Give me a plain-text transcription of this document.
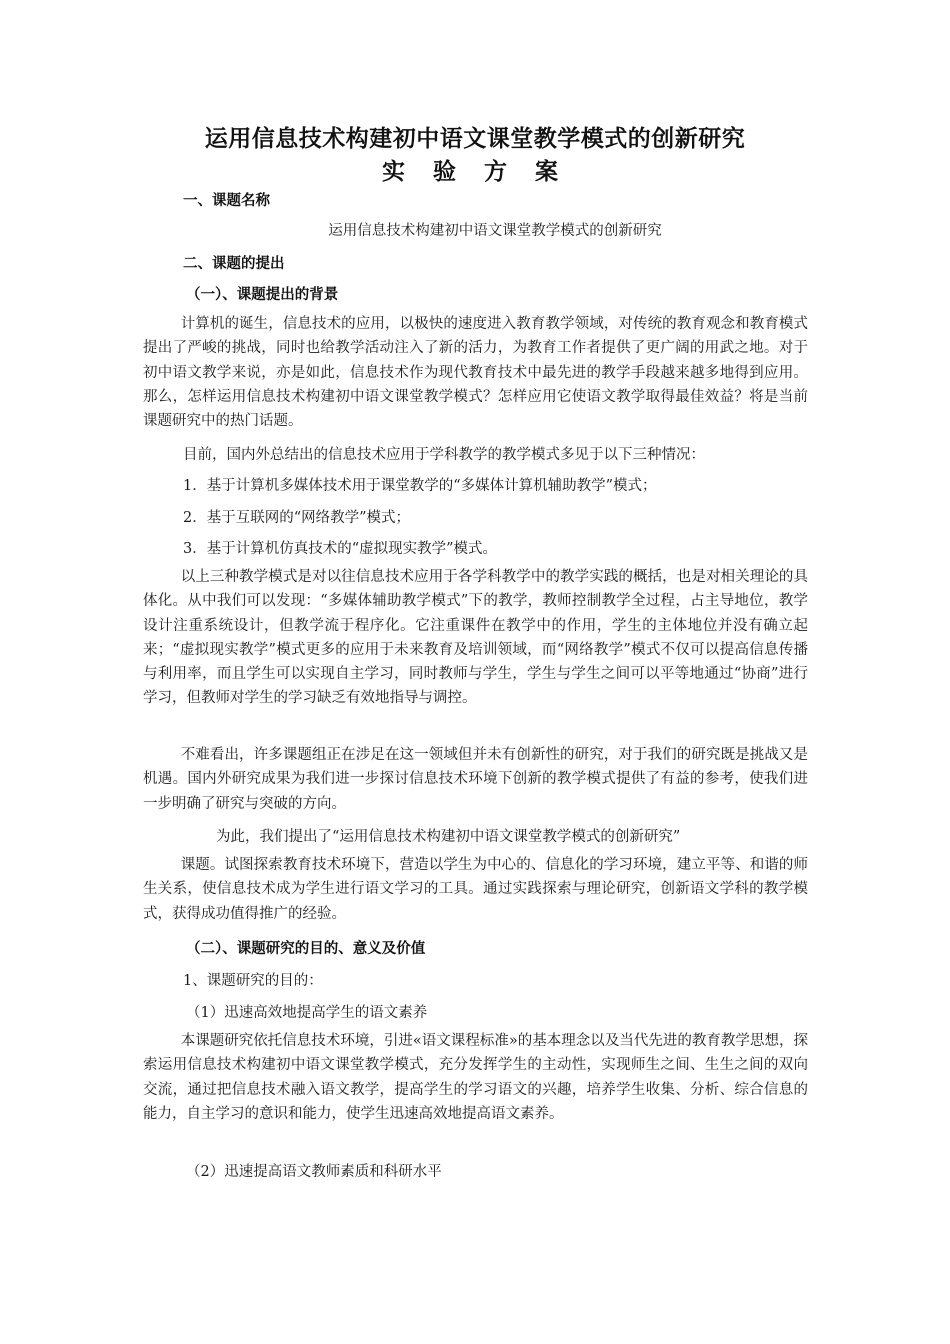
运用信息技术构建初中语文课堂教学模式的创新研究
实 验 方 案
一、课题名称
运用信息技术构建初中语文课堂教学模式的创新研究
二、课题的提出
（一）、课题提出的背景

计算机的诞生，信息技术的应用，以极快的速度进入教育教学领域，对传统的教育观念和教育模式提出了严峻的挑战，同时也给教学活动注入了新的活力，为教育工作者提供了更广阔的用武之地。对于初中语文教学来说，亦是如此，信息技术作为现代教育技术中最先进的教学手段越来越多地得到应用。那么，怎样运用信息技术构建初中语文课堂教学模式？怎样应用它使语文教学取得最佳效益？将是当前课题研究中的热门话题。

目前，国内外总结出的信息技术应用于学科教学的教学模式多见于以下三种情况：
1．基于计算机多媒体技术用于课堂教学的“多媒体计算机辅助教学”模式；
2．基于互联网的“网络教学”模式；
3．基于计算机仿真技术的“虚拟现实教学”模式。

以上三种教学模式是对以往信息技术应用于各学科教学中的教学实践的概括，也是对相关理论的具体化。从中我们可以发现：“多媒体辅助教学模式”下的教学，教师控制教学全过程，占主导地位，教学设计注重系统设计，但教学流于程序化。它注重课件在教学中的作用，学生的主体地位并没有确立起来；“虚拟现实教学”模式更多的应用于未来教育及培训领域，而“网络教学”模式不仅可以提高信息传播与利用率，而且学生可以实现自主学习，同时教师与学生，学生与学生之间可以平等地通过“协商”进行学习，但教师对学生的学习缺乏有效地指导与调控。

不难看出，许多课题组正在涉足在这一领域但并未有创新性的研究，对于我们的研究既是挑战又是机遇。国内外研究成果为我们进一步探讨信息技术环境下创新的教学模式提供了有益的参考，使我们进一步明确了研究与突破的方向。

为此，我们提出了“运用信息技术构建初中语文课堂教学模式的创新研究”

课题。试图探索教育技术环境下，营造以学生为中心的、信息化的学习环境，建立平等、和谐的师生关系，使信息技术成为学生进行语文学习的工具。通过实践探索与理论研究，创新语文学科的教学模式，获得成功值得推广的经验。

（二）、课题研究的目的、意义及价值
1、课题研究的目的：
（1）迅速高效地提高学生的语文素养

本课题研究依托信息技术环境，引进«语文课程标准»的基本理念以及当代先进的教育教学思想，探索运用信息技术构建初中语文课堂教学模式，充分发挥学生的主动性，实现师生之间、生生之间的双向交流，通过把信息技术融入语文教学，提高学生的学习语文的兴趣，培养学生收集、分析、综合信息的能力，自主学习的意识和能力，使学生迅速高效地提高语文素养。

（2）迅速提高语文教师素质和科研水平
